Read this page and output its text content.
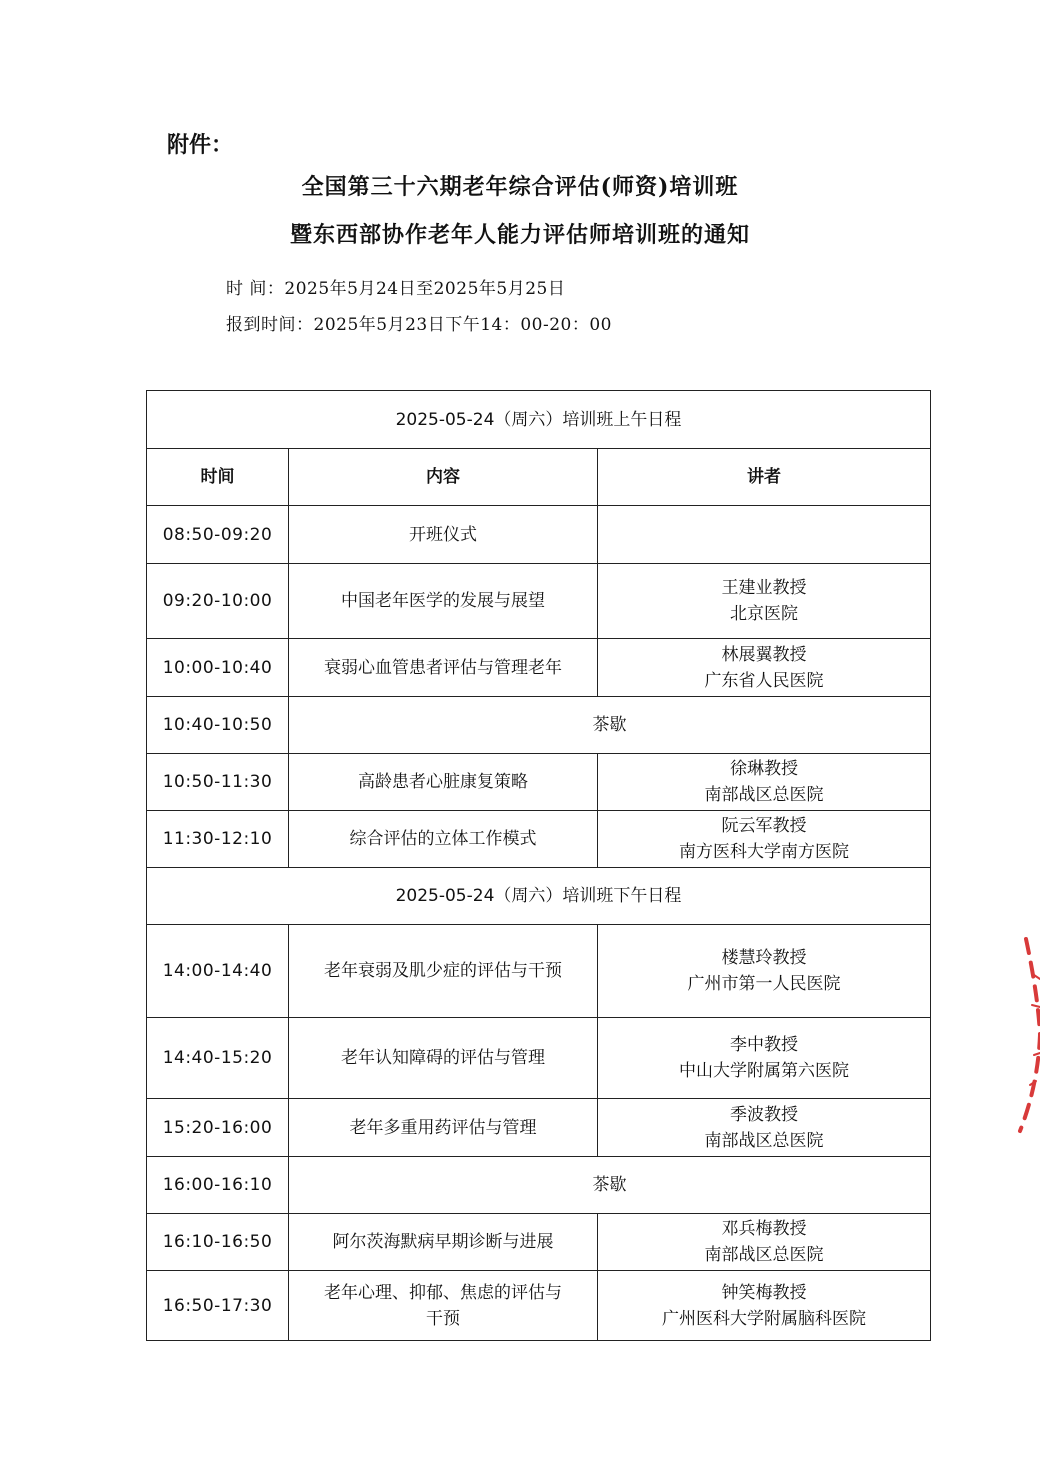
附件：
全国第三十六期老年综合评估(师资)培训班
暨东西部协作老年人能力评估师培训班的通知
时 间：2025年5月24日至2025年5月25日
报到时间：2025年5月23日下午14：00-20：00
2025-05-24（周六）培训班上午日程		
时间	内容	讲者
08:50-09:20	开班仪式	
09:20-10:00	中国老年医学的发展与展望	王建业教授
北京医院

10:00-10:40	衰弱心血管患者评估与管理老年	林展翼教授
广东省人民医院

10:40-10:50	茶歇	
10:50-11:30	高龄患者心脏康复策略	徐琳教授
南部战区总医院

11:30-12:10	综合评估的立体工作模式	阮云军教授
南方医科大学南方医院

2025-05-24（周六）培训班下午日程		
14:00-14:40	老年衰弱及肌少症的评估与干预	楼慧玲教授
广州市第一人民医院

14:40-15:20	老年认知障碍的评估与管理	李中教授
中山大学附属第六医院

15:20-16:00	老年多重用药评估与管理	季波教授
南部战区总医院

16:00-16:10	茶歇	
16:10-16:50	阿尔茨海默病早期诊断与进展	邓兵梅教授
南部战区总医院

16:50-17:30	老年心理、抑郁、焦虑的评估与
干预	钟笑梅教授
广州医科大学附属脑科医院
